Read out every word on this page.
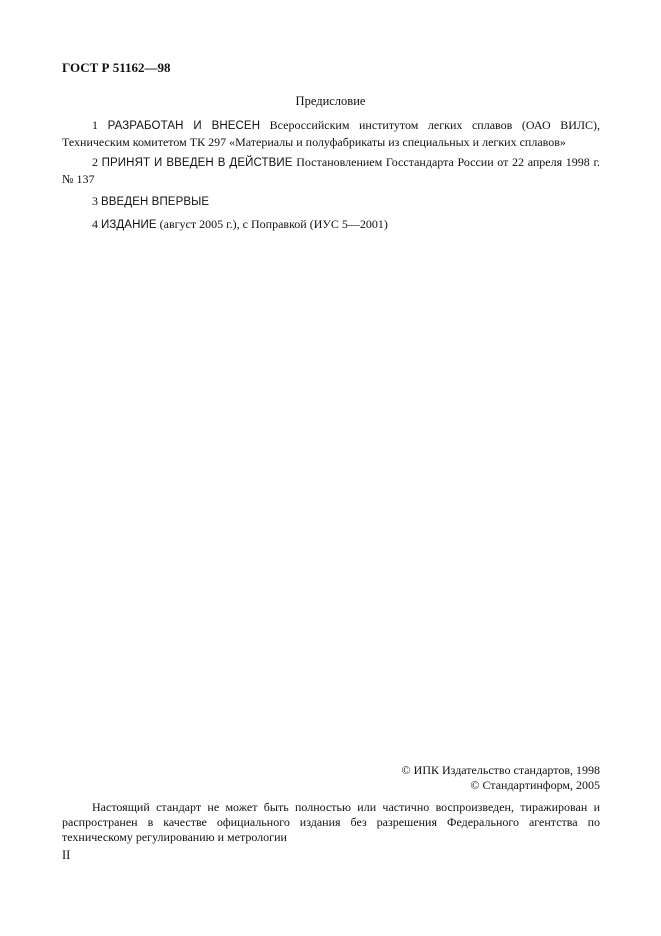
ГОСТ Р 51162—98
Предисловие

1 РАЗРАБОТАН И ВНЕСЕН Всероссийским институтом легких сплавов (ОАО ВИЛС), Техническим комитетом ТК 297 «Материалы и полуфабрикаты из специальных и легких сплавов»

2 ПРИНЯТ И ВВЕДЕН В ДЕЙСТВИЕ Постановлением Госстандарта России от 22 апреля 1998 г. № 137

3 ВВЕДЕН ВПЕРВЫЕ

4 ИЗДАНИЕ (август 2005 г.), с Поправкой (ИУС 5—2001)

© ИПК Издательство стандартов, 1998
© Стандартинформ, 2005
Настоящий стандарт не может быть полностью или частично воспроизведен, тиражирован и распространен в качестве официального издания без разрешения Федерального агентства по техническому регулированию и метрологии
II
